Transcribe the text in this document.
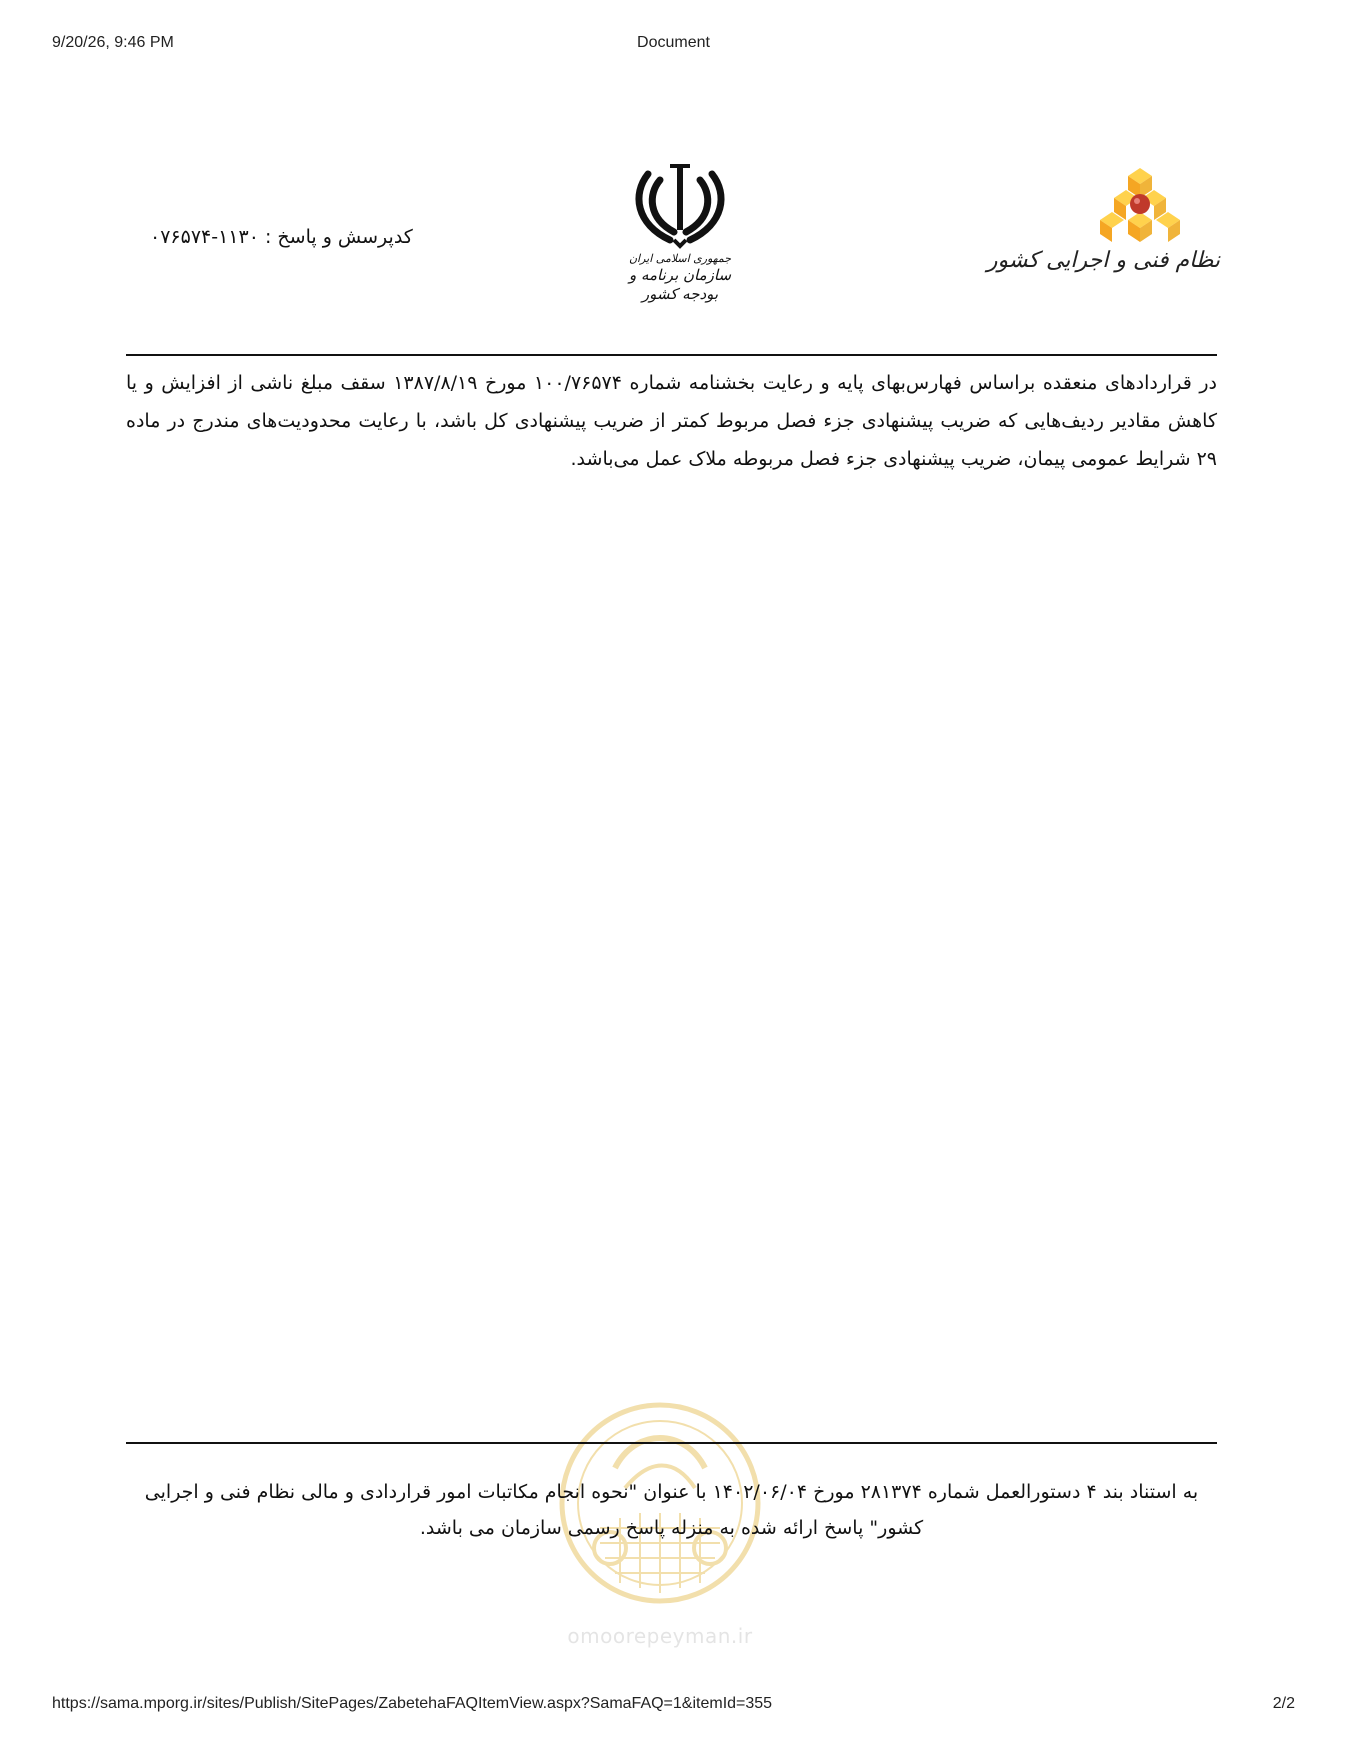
9/20/26, 9:46 PM	Document
کدپرسش و پاسخ : ۱۱۳۰-۰۷۶۵۷۴
جمهوری اسلامی ایران
سازمان برنامه و بودجه کشور
نظام فنی و اجرایی کشور
در قراردادهای منعقده براساس فهارس‌بهای پایه و رعایت بخشنامه شماره ۱۰۰/۷۶۵۷۴ مورخ ۱۳۸۷/۸/۱۹ سقف مبلغ ناشی از افزایش و یا کاهش مقادیر ردیف‌هایی که ضریب پیشنهادی جزء فصل مربوط کمتر از ضریب پیشنهادی کل باشد، با رعایت محدودیت‌های مندرج در ماده ۲۹ شرایط عمومی پیمان، ضریب پیشنهادی جزء فصل مربوطه ملاک عمل می‌باشد.
omoorepeyman.ir
به استناد بند ۴ دستورالعمل شماره ۲۸۱۳۷۴ مورخ ۱۴۰۲/۰۶/۰۴ با عنوان "نحوه انجام مکاتبات امور قراردادی و مالی نظام فنی و اجرایی
کشور" پاسخ ارائه شده به منزله پاسخ رسمی سازمان می باشد.
https://sama.mporg.ir/sites/Publish/SitePages/ZabetehaFAQItemView.aspx?SamaFAQ=1&itemId=355	2/2
